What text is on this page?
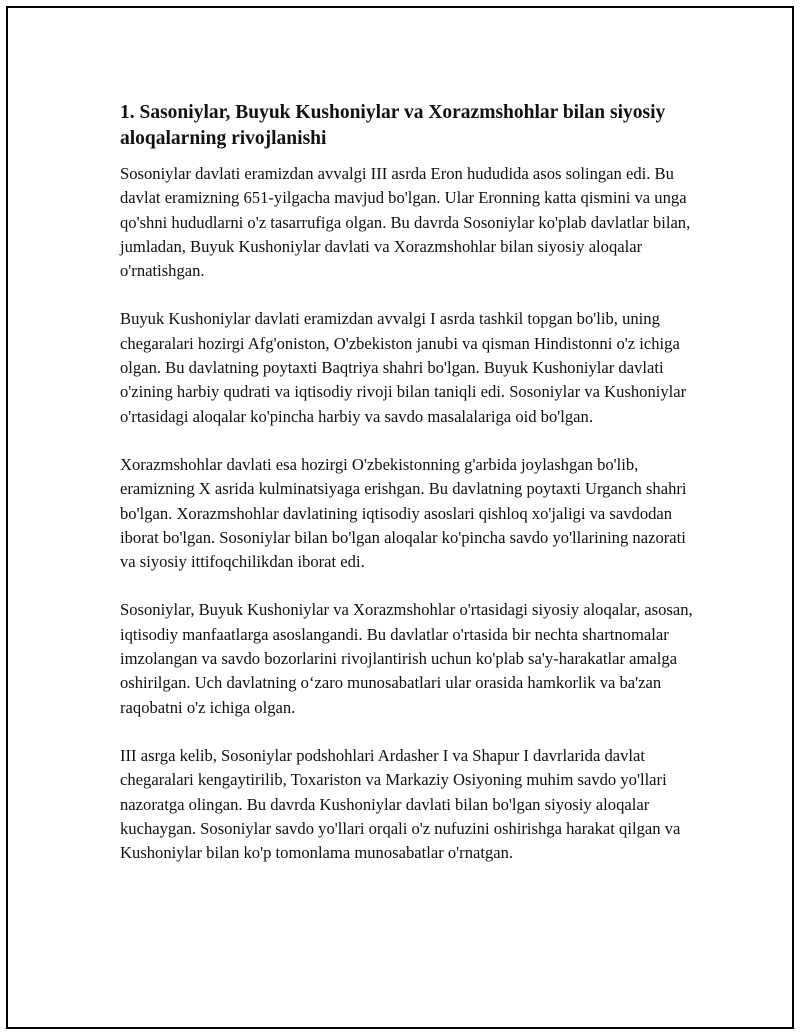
1. Sasoniylar, Buyuk Kushoniylar va Xorazmshohlar bilan siyosiy aloqalarning rivojlanishi

Sosoniylar davlati eramizdan avvalgi III asrda Eron hududida asos solingan edi. Bu davlat eramizning 651-yilgacha mavjud bo'lgan. Ular Eronning katta qismini va unga qo'shni hududlarni o'z tasarrufiga olgan. Bu davrda Sosoniylar ko'plab davlatlar bilan, jumladan, Buyuk Kushoniylar davlati va Xorazmshohlar bilan siyosiy aloqalar o'rnatishgan.

Buyuk Kushoniylar davlati eramizdan avvalgi I asrda tashkil topgan bo'lib, uning chegaralari hozirgi Afg'oniston, O'zbekiston janubi va qisman Hindistonni o'z ichiga olgan. Bu davlatning poytaxti Baqtriya shahri bo'lgan. Buyuk Kushoniylar davlati o'zining harbiy qudrati va iqtisodiy rivoji bilan taniqli edi. Sosoniylar va Kushoniylar o'rtasidagi aloqalar ko'pincha harbiy va savdo masalalariga oid bo'lgan.

Xorazmshohlar davlati esa hozirgi O'zbekistonning g'arbida joylashgan bo'lib, eramizning X asrida kulminatsiyaga erishgan. Bu davlatning poytaxti Urganch shahri bo'lgan. Xorazmshohlar davlatining iqtisodiy asoslari qishloq xo'jaligi va savdodan iborat bo'lgan. Sosoniylar bilan bo'lgan aloqalar ko'pincha savdo yo'llarining nazorati va siyosiy ittifoqchilikdan iborat edi.

Sosoniylar, Buyuk Kushoniylar va Xorazmshohlar o'rtasidagi siyosiy aloqalar, asosan, iqtisodiy manfaatlarga asoslangandi. Bu davlatlar o'rtasida bir nechta shartnomalar imzolangan va savdo bozorlarini rivojlantirish uchun ko'plab sa'y-harakatlar amalga oshirilgan. Uch davlatning o‘zaro munosabatlari ular orasida hamkorlik va ba'zan raqobatni o'z ichiga olgan.

III asrga kelib, Sosoniylar podshohlari Ardasher I va Shapur I davrlarida davlat chegaralari kengaytirilib, Toxariston va Markaziy Osiyoning muhim savdo yo'llari nazoratga olingan. Bu davrda Kushoniylar davlati bilan bo'lgan siyosiy aloqalar kuchaygan. Sosoniylar savdo yo'llari orqali o'z nufuzini oshirishga harakat qilgan va Kushoniylar bilan ko'p tomonlama munosabatlar o'rnatgan.
